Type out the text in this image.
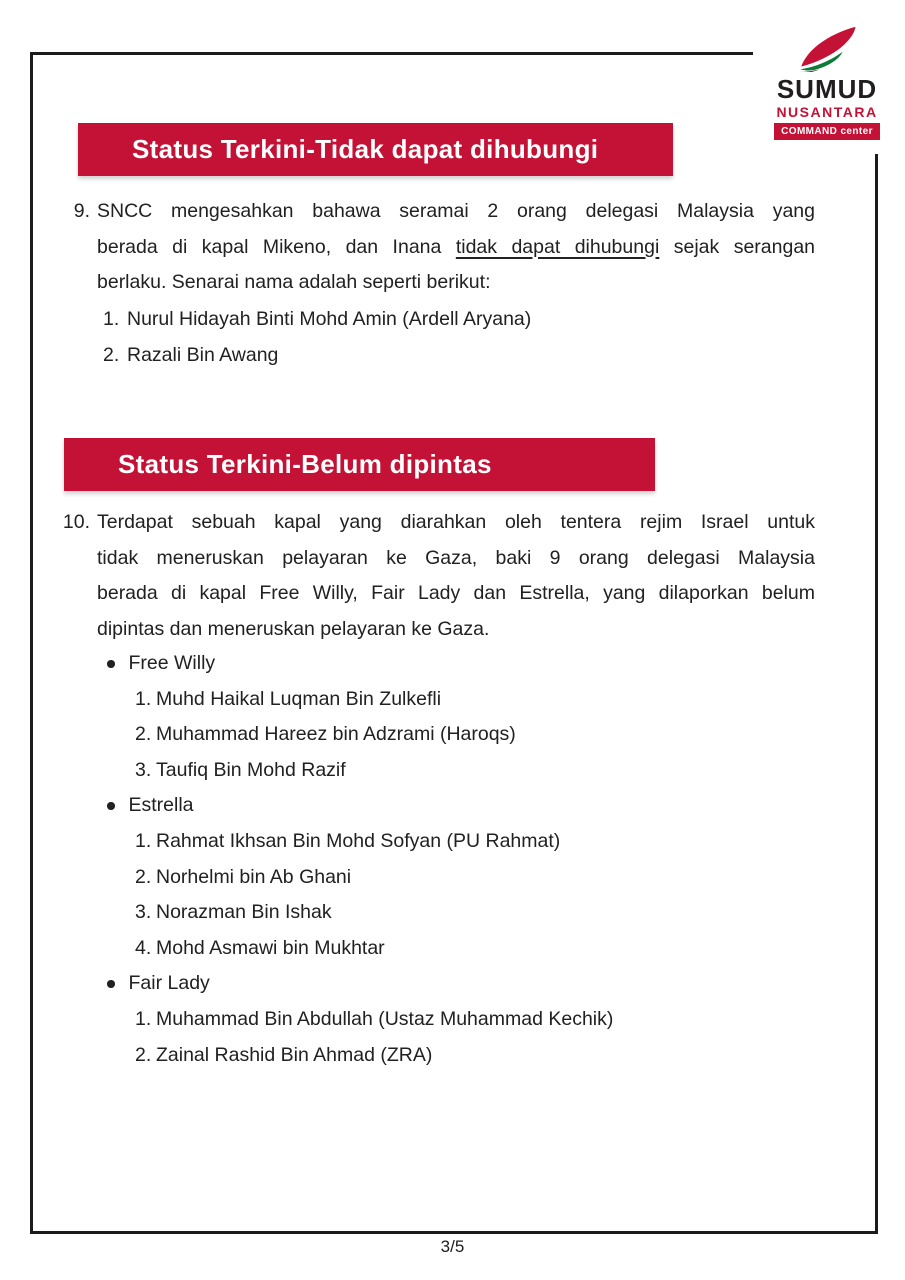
SUMUD
NUSANTARA
COMMAND center
Status Terkini-Tidak dapat dihubungi
9. SNCC mengesahkan bahawa seramai 2 orang delegasi Malaysia yang
berada di kapal Mikeno, dan Inana tidak dapat dihubungi sejak serangan
berlaku. Senarai nama adalah seperti berikut:
1. Nurul Hidayah Binti Mohd Amin (Ardell Aryana)
2. Razali Bin Awang
Status Terkini-Belum dipintas
10. Terdapat sebuah kapal yang diarahkan oleh tentera rejim Israel untuk
tidak meneruskan pelayaran ke Gaza, baki 9 orang delegasi Malaysia
berada di kapal Free Willy, Fair Lady dan Estrella, yang dilaporkan belum
dipintas dan meneruskan pelayaran ke Gaza.
Free Willy
1. Muhd Haikal Luqman Bin Zulkefli
2. Muhammad Hareez bin Adzrami (Haroqs)
3. Taufiq Bin Mohd Razif
Estrella
1. Rahmat Ikhsan Bin Mohd Sofyan (PU Rahmat)
2. Norhelmi bin Ab Ghani
3. Norazman Bin Ishak
4. Mohd Asmawi bin Mukhtar
Fair Lady
1. Muhammad Bin Abdullah (Ustaz Muhammad Kechik)
2. Zainal Rashid Bin Ahmad (ZRA)
3/5
